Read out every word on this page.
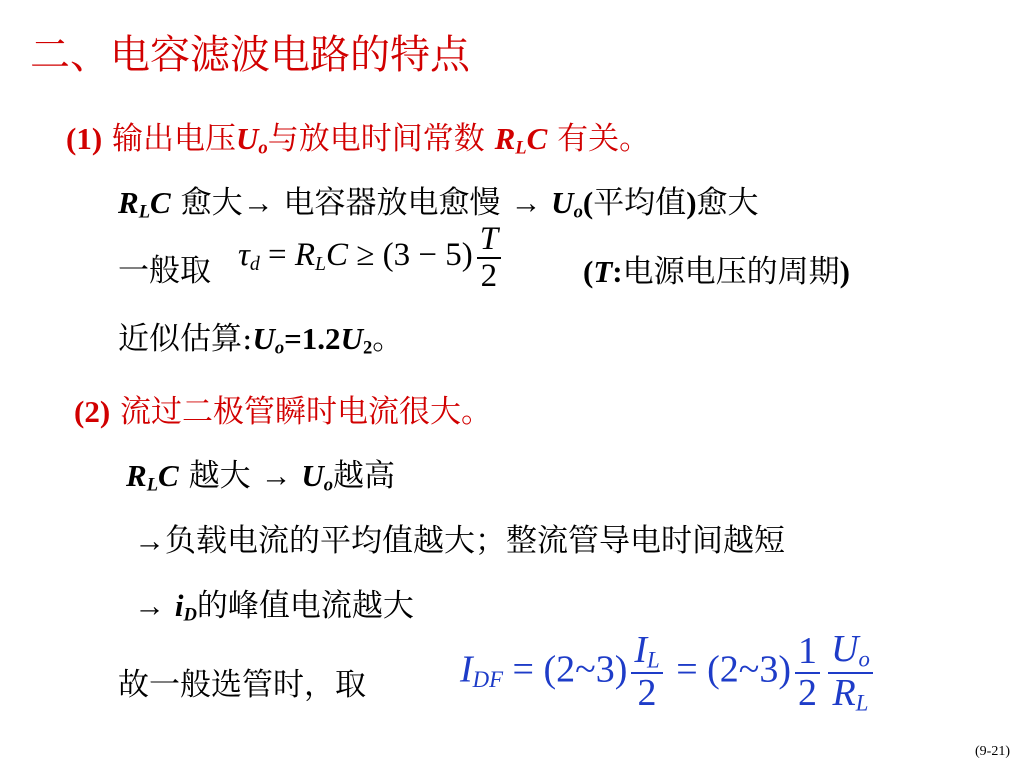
二、电容滤波电路的特点
(1) 输出电压$U_o$与放电时间常数 $R_LC$ 有关。
$R_LC$ 愈大→ 电容器放电愈慢 → $U_o$(平均值)愈大
一般取 $\tau_d = R_LC \ge (3 - 5) \frac{T}{2}$	(T:电源电压的周期)
近似估算$:U_o=1.2U_2$。
(2) 流过二极管瞬时电流很大。
$R_LC$ 越大 → $U_o$越高
→负载电流的平均值越大；整流管导电时间越短
→ $i_D$的峰值电流越大
故一般选管时，取 $I_{DF}$ = (2~3) $\frac{I_L}{2}$ = (2~3) $\frac{1}{2} \frac{U_o}{R_L}$
(9-21)
